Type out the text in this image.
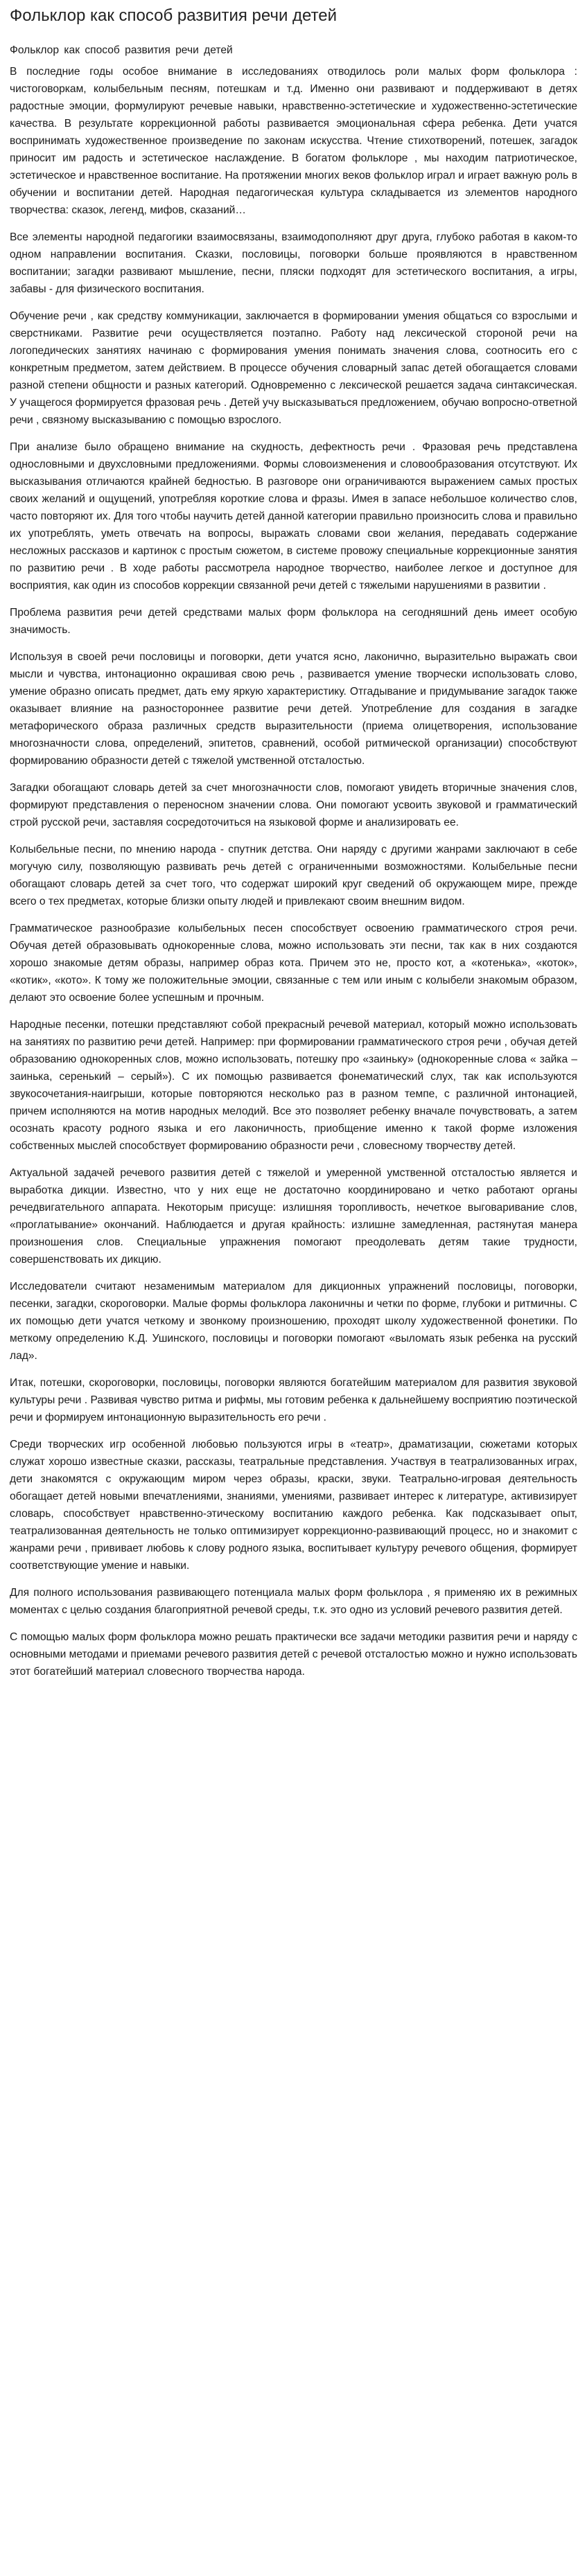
Фольклор как способ развития речи детей
Фольклор как способ развития речи детей

В последние годы особое внимание в исследованиях отводилось роли малых форм фольклора : чистоговоркам, колыбельным песням, потешкам и т.д. Именно они развивают и поддерживают в детях радостные эмоции, формулируют речевые навыки, нравственно-эстетические и художественно-эстетические качества. В результате коррекционной работы развивается эмоциональная сфера ребенка. Дети учатся воспринимать художественное произведение по законам искусства. Чтение стихотворений, потешек, загадок приносит им радость и эстетическое наслаждение. В богатом фольклоре , мы находим патриотическое, эстетическое и нравственное воспитание. На протяжении многих веков фольклор играл и играет важную роль в обучении и воспитании детей. Народная педагогическая культура складывается из элементов народного творчества: сказок, легенд, мифов, сказаний…

Все элементы народной педагогики взаимосвязаны, взаимодополняют друг друга, глубоко работая в каком-то одном направлении воспитания. Сказки, пословицы, поговорки больше проявляются в нравственном воспитании; загадки развивают мышление, песни, пляски подходят для эстетического воспитания, а игры, забавы - для физического воспитания.

Обучение речи , как средству коммуникации, заключается в формировании умения общаться со взрослыми и сверстниками. Развитие речи осуществляется поэтапно. Работу над лексической стороной речи на логопедических занятиях начинаю с формирования умения понимать значения слова, соотносить его с конкретным предметом, затем действием. В процессе обучения словарный запас детей обогащается словами разной степени общности и разных категорий. Одновременно с лексической решается задача синтаксическая. У учащегося формируется фразовая речь . Детей учу высказываться предложением, обучаю вопросно-ответной речи , связному высказыванию с помощью взрослого.

При анализе было обращено внимание на скудность, дефектность речи . Фразовая речь представлена однословными и двухсловными предложениями. Формы словоизменения и словообразования отсутствуют. Их высказывания отличаются крайней бедностью. В разговоре они ограничиваются выражением самых простых своих желаний и ощущений, употребляя короткие слова и фразы. Имея в запасе небольшое количество слов, часто повторяют их. Для того чтобы научить детей данной категории правильно произносить слова и правильно их употреблять, уметь отвечать на вопросы, выражать словами свои желания, передавать содержание несложных рассказов и картинок с простым сюжетом, в системе провожу специальные коррекционные занятия по развитию речи . В ходе работы рассмотрела народное творчество, наиболее легкое и доступное для восприятия, как один из способов коррекции связанной речи детей с тяжелыми нарушениями в развитии .

Проблема развития речи детей средствами малых форм фольклора на сегодняшний день имеет особую значимость.

Используя в своей речи пословицы и поговорки, дети учатся ясно, лаконично, выразительно выражать свои мысли и чувства, интонационно окрашивая свою речь , развивается умение творчески использовать слово, умение образно описать предмет, дать ему яркую характеристику. Отгадывание и придумывание загадок также оказывает влияние на разностороннее развитие речи детей. Употребление для создания в загадке метафорического образа различных средств выразительности (приема олицетворения, использование многозначности слова, определений, эпитетов, сравнений, особой ритмической организации) способствуют формированию образности детей с тяжелой умственной отсталостью.

Загадки обогащают словарь детей за счет многозначности слов, помогают увидеть вторичные значения слов, формируют представления о переносном значении слова. Они помогают усвоить звуковой и грамматический строй русской речи, заставляя сосредоточиться на языковой форме и анализировать ее.

Колыбельные песни, по мнению народа - спутник детства. Они наряду с другими жанрами заключают в себе могучую силу, позволяющую развивать речь детей с ограниченными возможностями. Колыбельные песни обогащают словарь детей за счет того, что содержат широкий круг сведений об окружающем мире, прежде всего о тех предметах, которые близки опыту людей и привлекают своим внешним видом.

Грамматическое разнообразие колыбельных песен способствует освоению грамматического строя речи. Обучая детей образовывать однокоренные слова, можно использовать эти песни, так как в них создаются хорошо знакомые детям образы, например образ кота. Причем это не, просто кот, а «котенька», «коток», «котик», «кото». К тому же положительные эмоции, связанные с тем или иным с колыбели знакомым образом, делают это освоение более успешным и прочным.

Народные песенки, потешки представляют собой прекрасный речевой материал, который можно использовать на занятиях по развитию речи детей. Например: при формировании грамматического строя речи , обучая детей образованию однокоренных слов, можно использовать, потешку про «заиньку» (однокоренные слова « зайка – заинька, серенький – серый»). С их помощью развивается фонематический слух, так как используются звукосочетания-наигрыши, которые повторяются несколько раз в разном темпе, с различной интонацией, причем исполняются на мотив народных мелодий. Все это позволяет ребенку вначале почувствовать, а затем осознать красоту родного языка и его лаконичность, приобщение именно к такой форме изложения собственных мыслей способствует формированию образности речи , словесному творчеству детей.

Актуальной задачей речевого развития детей с тяжелой и умеренной умственной отсталостью является и выработка дикции. Известно, что у них еще не достаточно координировано и четко работают органы речедвигательного аппарата. Некоторым присуще: излишняя торопливость, нечеткое выговаривание слов, «проглатывание» окончаний. Наблюдается и другая крайность: излишне замедленная, растянутая манера произношения слов. Специальные упражнения помогают преодолевать детям такие трудности, совершенствовать их дикцию.

Исследователи считают незаменимым материалом для дикционных упражнений пословицы, поговорки, песенки, загадки, скороговорки. Малые формы фольклора лаконичны и четки по форме, глубоки и ритмичны. С их помощью дети учатся четкому и звонкому произношению, проходят школу художественной фонетики. По меткому определению К.Д. Ушинского, пословицы и поговорки помогают «выломать язык ребенка на русский лад».

Итак, потешки, скороговорки, пословицы, поговорки являются богатейшим материалом для развития звуковой культуры речи . Развивая чувство ритма и рифмы, мы готовим ребенка к дальнейшему восприятию поэтической речи и формируем интонационную выразительность его речи .

Среди творческих игр особенной любовью пользуются игры в «театр», драматизации, сюжетами которых служат хорошо известные сказки, рассказы, театральные представления. Участвуя в театрализованных играх, дети знакомятся с окружающим миром через образы, краски, звуки. Театрально-игровая деятельность обогащает детей новыми впечатлениями, знаниями, умениями, развивает интерес к литературе, активизирует словарь, способствует нравственно-этическому воспитанию каждого ребенка. Как подсказывает опыт, театрализованная деятельность не только оптимизирует коррекционно-развивающий процесс, но и знакомит с жанрами речи , прививает любовь к слову родного языка, воспитывает культуру речевого общения, формирует соответствующие умение и навыки.

Для полного использования развивающего потенциала малых форм фольклора , я применяю их в режимных моментах с целью создания благоприятной речевой среды, т.к. это одно из условий речевого развития детей.

С помощью малых форм фольклора можно решать практически все задачи методики развития речи и наряду с основными методами и приемами речевого развития детей с речевой отсталостью можно и нужно использовать этот богатейший материал словесного творчества народа.
